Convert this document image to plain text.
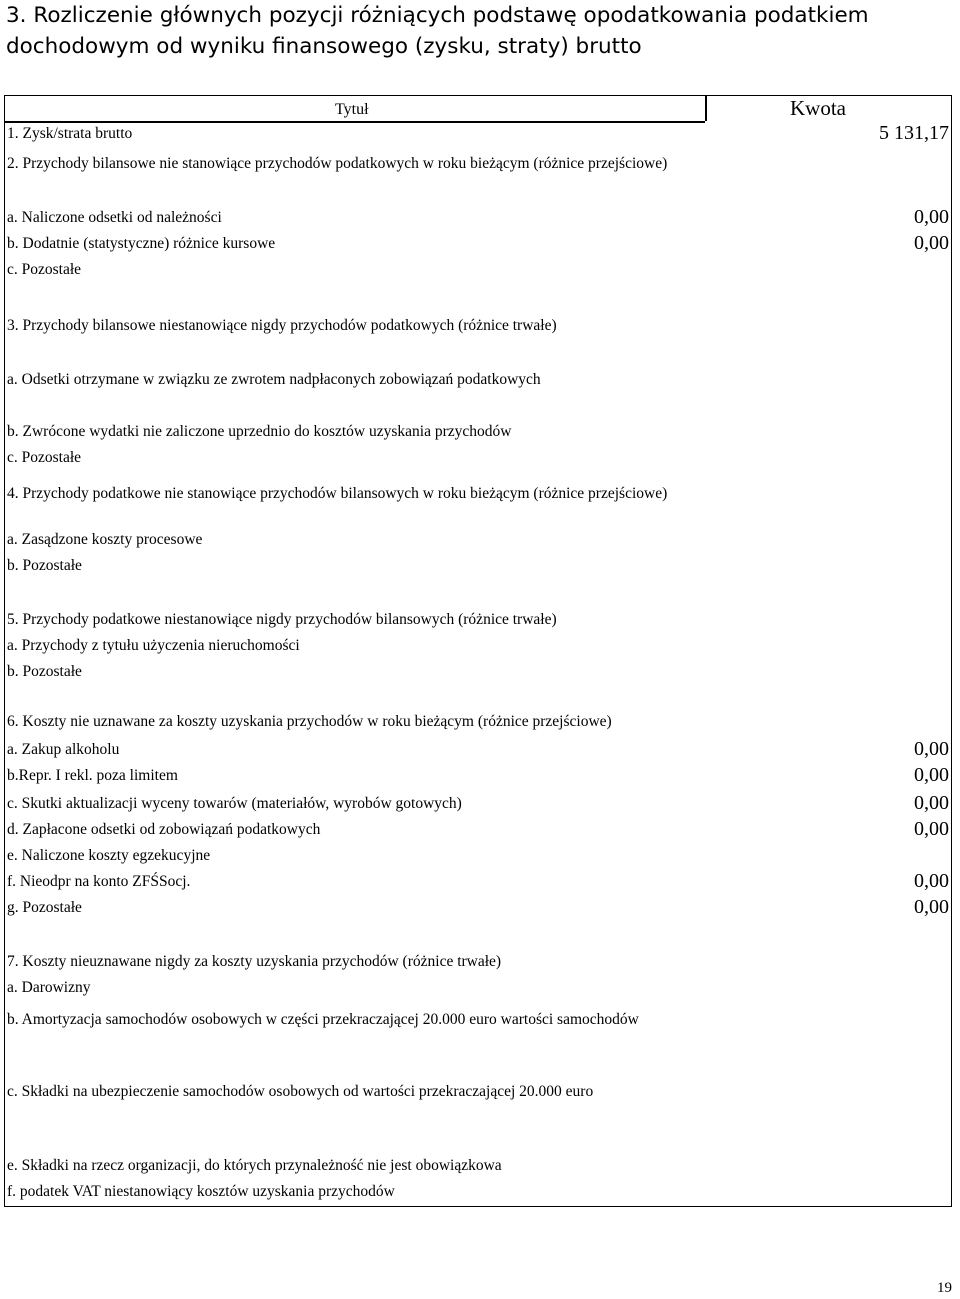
3. Rozliczenie głównych pozycji różniących podstawę opodatkowania podatkiem dochodowym od wyniku finansowego (zysku, straty) brutto
Tytuł	Kwota
1. Zysk/strata brutto	5 131,17
2. Przychody bilansowe nie stanowiące przychodów podatkowych w roku bieżącym (różnice przejściowe)
a. Naliczone odsetki od należności	0,00
b. Dodatnie (statystyczne) różnice kursowe	0,00
c. Pozostałe
3. Przychody bilansowe niestanowiące nigdy przychodów podatkowych (różnice trwałe)
a. Odsetki otrzymane w związku ze zwrotem nadpłaconych zobowiązań podatkowych
b. Zwrócone wydatki nie zaliczone uprzednio do kosztów uzyskania przychodów
c. Pozostałe
4. Przychody podatkowe nie stanowiące przychodów bilansowych w roku bieżącym (różnice przejściowe)
a. Zasądzone koszty procesowe
b. Pozostałe
5. Przychody podatkowe niestanowiące nigdy przychodów bilansowych (różnice trwałe)
a. Przychody z tytułu użyczenia nieruchomości
b. Pozostałe
6. Koszty nie uznawane za koszty uzyskania przychodów w roku bieżącym (różnice przejściowe)
a. Zakup alkoholu	0,00
b.Repr. I rekl. poza limitem	0,00
c. Skutki aktualizacji wyceny towarów (materiałów, wyrobów gotowych)	0,00
d. Zapłacone odsetki od zobowiązań podatkowych	0,00
e. Naliczone koszty egzekucyjne
f. Nieodpr na konto ZFŚSocj.	0,00
g. Pozostałe	0,00
7. Koszty nieuznawane nigdy za koszty uzyskania przychodów (różnice trwałe)
a. Darowizny
b. Amortyzacja samochodów osobowych w części przekraczającej 20.000 euro wartości samochodów
c. Składki na ubezpieczenie samochodów osobowych od wartości przekraczającej 20.000 euro
e. Składki na rzecz organizacji, do których przynależność nie jest obowiązkowa
f. podatek VAT niestanowiący kosztów uzyskania przychodów
19
